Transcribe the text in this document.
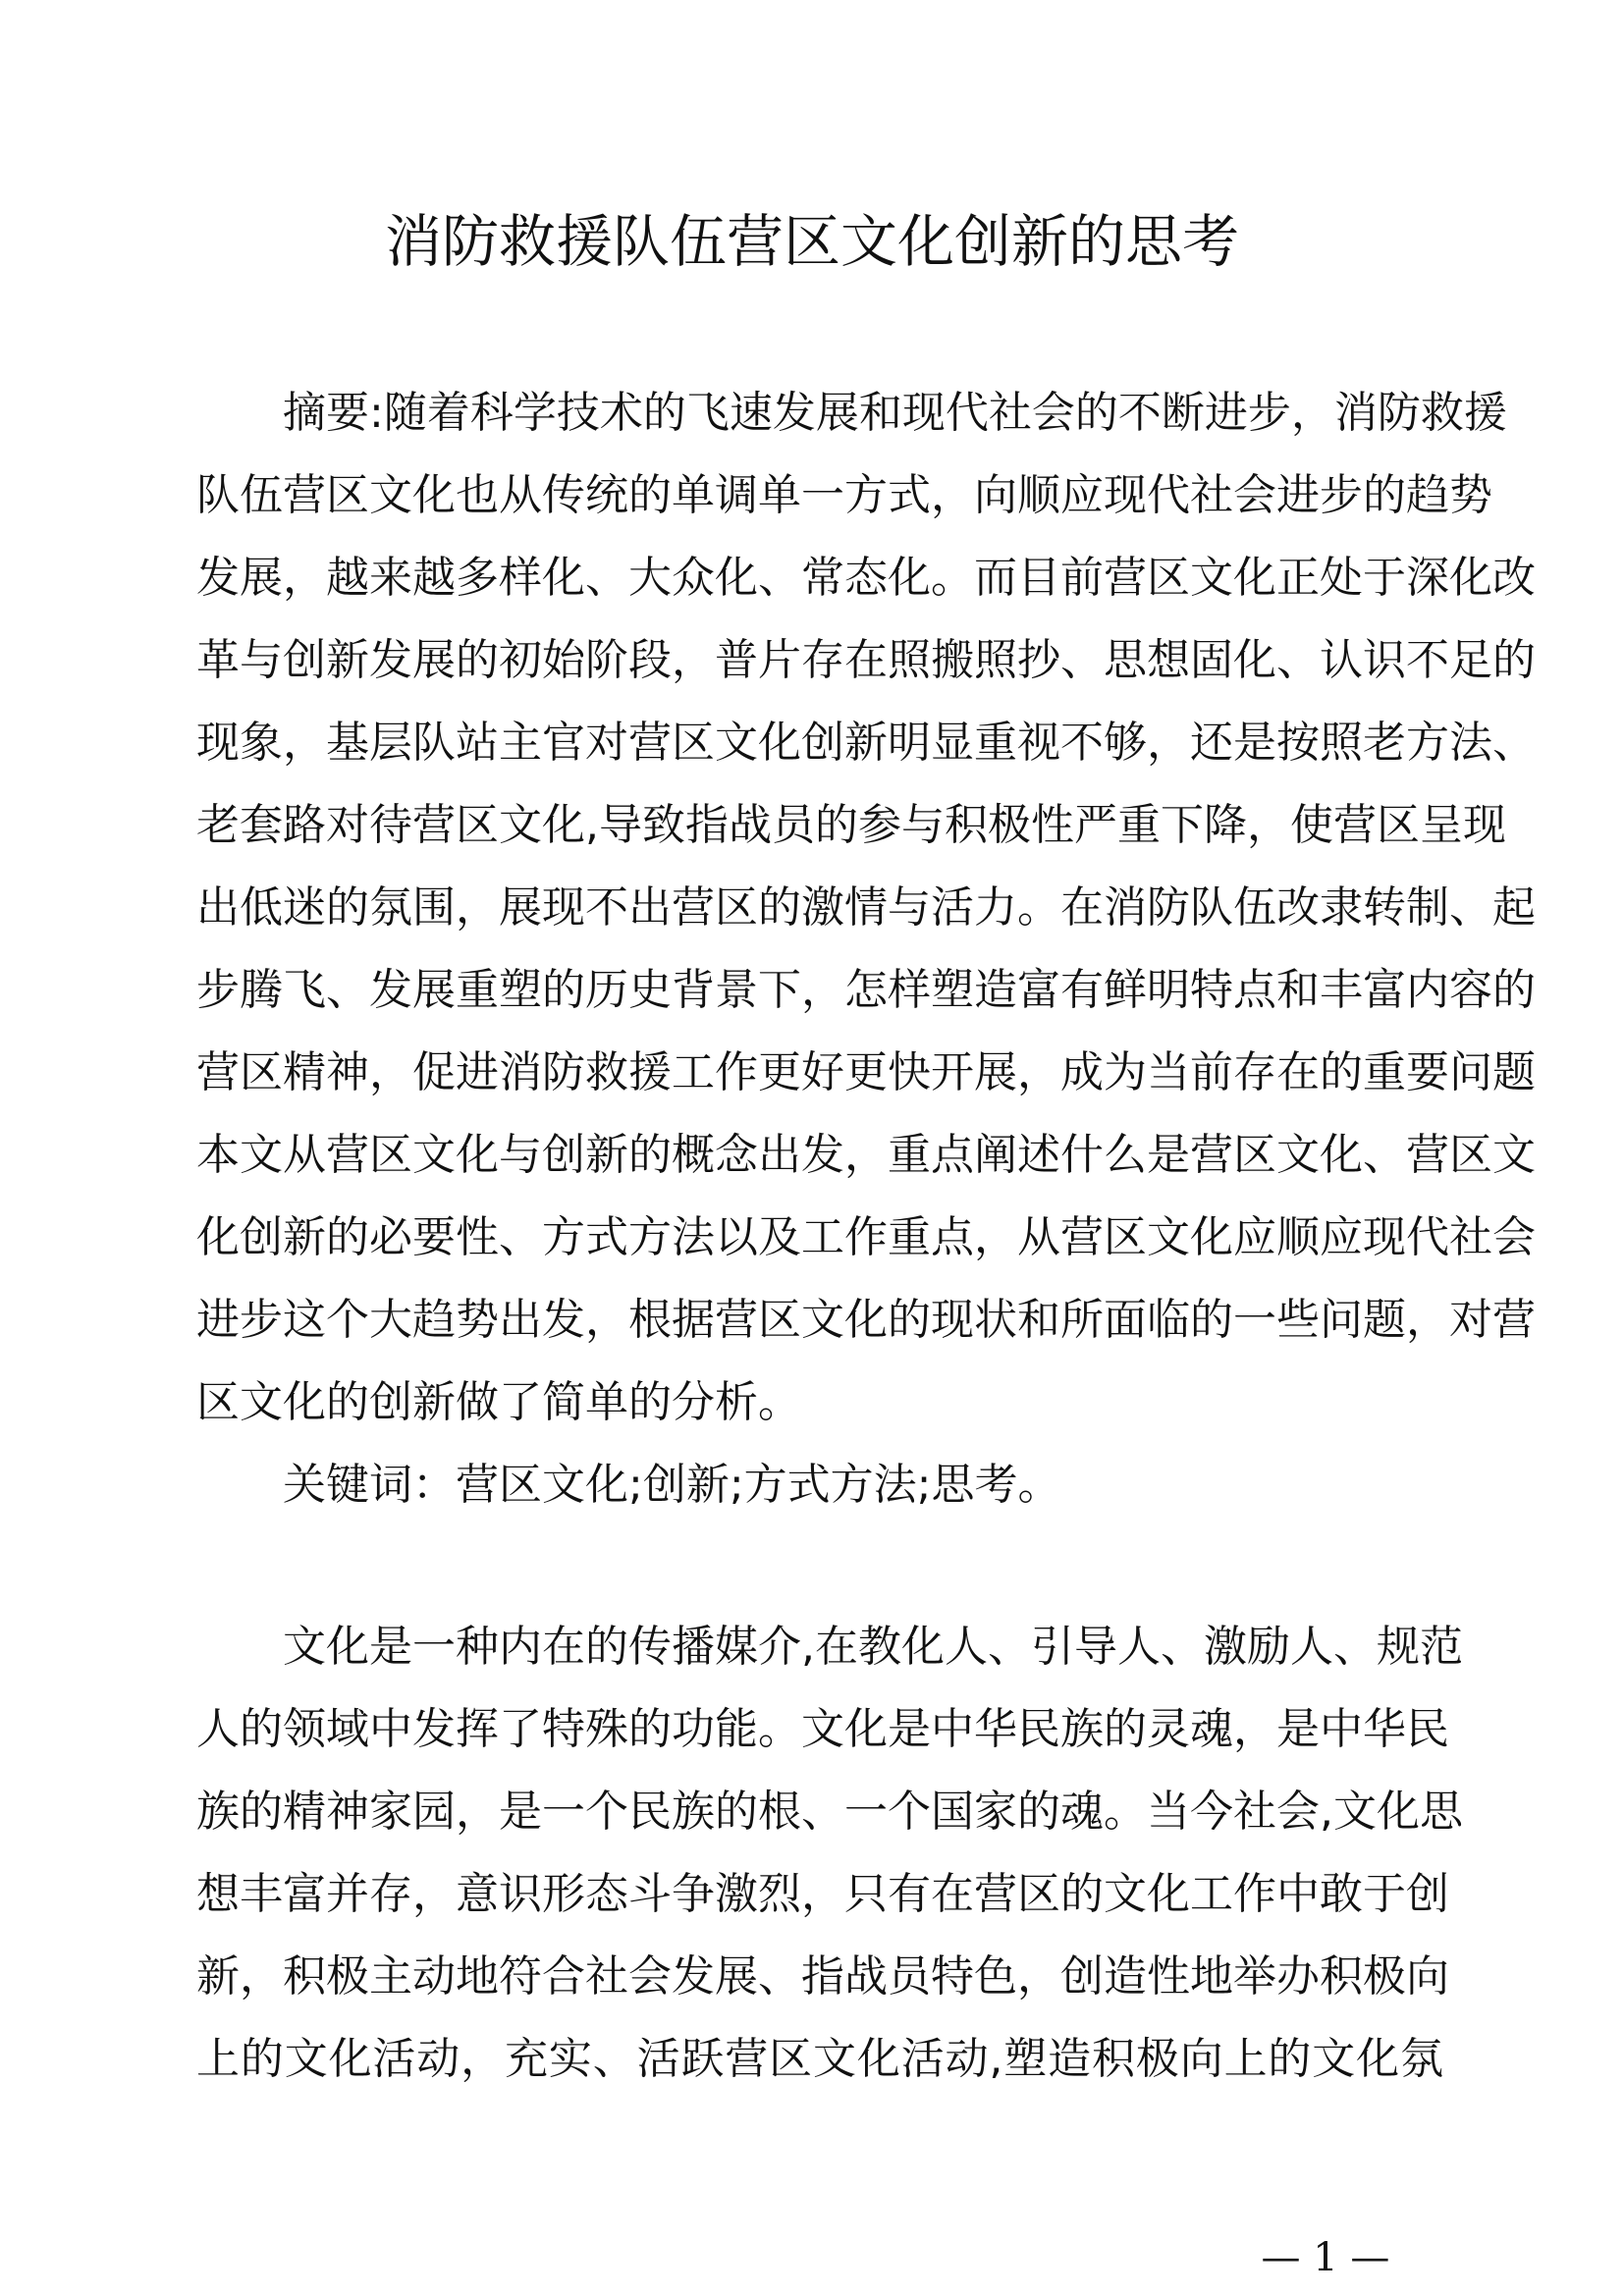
消防救援队伍营区文化创新的思考
摘要:随着科学技术的飞速发展和现代社会的不断进步，消防救援
队伍营区文化也从传统的单调单一方式，向顺应现代社会进步的趋势
发展，越来越多样化、大众化、常态化。而目前营区文化正处于深化改
革与创新发展的初始阶段，普片存在照搬照抄、思想固化、认识不足的
现象，基层队站主官对营区文化创新明显重视不够，还是按照老方法、
老套路对待营区文化,导致指战员的参与积极性严重下降，使营区呈现
出低迷的氛围，展现不出营区的激情与活力。在消防队伍改隶转制、起
步腾飞、发展重塑的历史背景下，怎样塑造富有鲜明特点和丰富内容的
营区精神，促进消防救援工作更好更快开展，成为当前存在的重要问题
本文从营区文化与创新的概念出发，重点阐述什么是营区文化、营区文
化创新的必要性、方式方法以及工作重点，从营区文化应顺应现代社会
进步这个大趋势出发，根据营区文化的现状和所面临的一些问题，对营
区文化的创新做了简单的分析。
关键词：营区文化;创新;方式方法;思考。
文化是一种内在的传播媒介,在教化人、引导人、激励人、规范
人的领域中发挥了特殊的功能。文化是中华民族的灵魂，是中华民
族的精神家园，是一个民族的根、一个国家的魂。当今社会,文化思
想丰富并存，意识形态斗争激烈，只有在营区的文化工作中敢于创
新，积极主动地符合社会发展、指战员特色，创造性地举办积极向
上的文化活动，充实、活跃营区文化活动,塑造积极向上的文化氛
— 1 —
